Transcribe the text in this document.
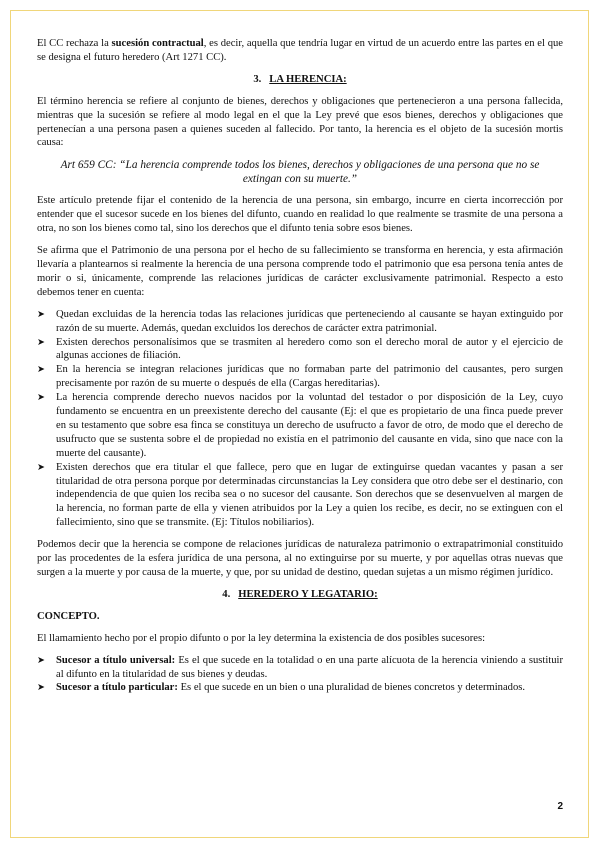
El CC rechaza la sucesión contractual, es decir, aquella que tendría lugar en virtud de un acuerdo entre las partes en el que se designa el futuro heredero (Art 1271 CC).

3. LA HERENCIA:

El término herencia se refiere al conjunto de bienes, derechos y obligaciones que pertenecieron a una persona fallecida, mientras que la sucesión se refiere al modo legal en el que la Ley prevé que esos bienes, derechos y obligaciones que pertenecían a una persona pasen a quienes suceden al fallecido. Por tanto, la herencia es el objeto de la sucesión mortis causa:

Art 659 CC: “La herencia comprende todos los bienes, derechos y obligaciones de una persona que no se extingan con su muerte.”

Este artículo pretende fijar el contenido de la herencia de una persona, sin embargo, incurre en cierta incorrección por entender que el sucesor sucede en los bienes del difunto, cuando en realidad lo que realmente se trasmite de una persona a otra, no son los bienes como tal, sino los derechos que el difunto tenia sobre esos bienes.

Se afirma que el Patrimonio de una persona por el hecho de su fallecimiento se transforma en herencia, y esta afirmación llevaría a plantearnos si realmente la herencia de una persona comprende todo el patrimonio que esa persona tenía antes de morir o si, únicamente, comprende las relaciones jurídicas de carácter exclusivamente patrimonial. Respecto a esto debemos tener en cuenta:

➤ Quedan excluidas de la herencia todas las relaciones jurídicas que perteneciendo al causante se hayan extinguido por razón de su muerte. Además, quedan excluidos los derechos de carácter extra patrimonial.
➤ Existen derechos personalísimos que se trasmiten al heredero como son el derecho moral de autor y el ejercicio de algunas acciones de filiación.
➤ En la herencia se integran relaciones jurídicas que no formaban parte del patrimonio del causantes, pero surgen precisamente por razón de su muerte o después de ella (Cargas hereditarias).
➤ La herencia comprende derecho nuevos nacidos por la voluntad del testador o por disposición de la Ley, cuyo fundamento se encuentra en un preexistente derecho del causante (Ej: el que es propietario de una finca puede prever en su testamento que sobre esa finca se constituya un derecho de usufructo a favor de otro, de modo que el derecho de usufructo que se sustenta sobre el de propiedad no existía en el patrimonio del causante en vida, sino que nace con la muerte del causante).
➤ Existen derechos que era titular el que fallece, pero que en lugar de extinguirse quedan vacantes y pasan a ser titularidad de otra persona porque por determinadas circunstancias la Ley considera que otro debe ser el destinario, con independencia de que quien los reciba sea o no sucesor del causante. Son derechos que se desenvuelven al margen de la herencia, no forman parte de ella y vienen atribuidos por la Ley a quien los recibe, es decir, no se extinguen con el fallecimiento, sino que se transmite. (Ej: Títulos nobiliarios).

Podemos decir que la herencia se compone de relaciones jurídicas de naturaleza patrimonio o extrapatrimonial constituido por las procedentes de la esfera jurídica de una persona, al no extinguirse por su muerte, y por aquellas otras nuevas que surgen a la muerte y por causa de la muerte, y que, por su unidad de destino, quedan sujetas a un mismo régimen jurídico.

4. HEREDERO Y LEGATARIO:
CONCEPTO.

El llamamiento hecho por el propio difunto o por la ley determina la existencia de dos posibles sucesores:

➤ Sucesor a título universal: Es el que sucede en la totalidad o en una parte alícuota de la herencia viniendo a sustituir al difunto en la titularidad de sus bienes y deudas.
➤ Sucesor a título particular: Es el que sucede en un bien o una pluralidad de bienes concretos y determinados.
2
